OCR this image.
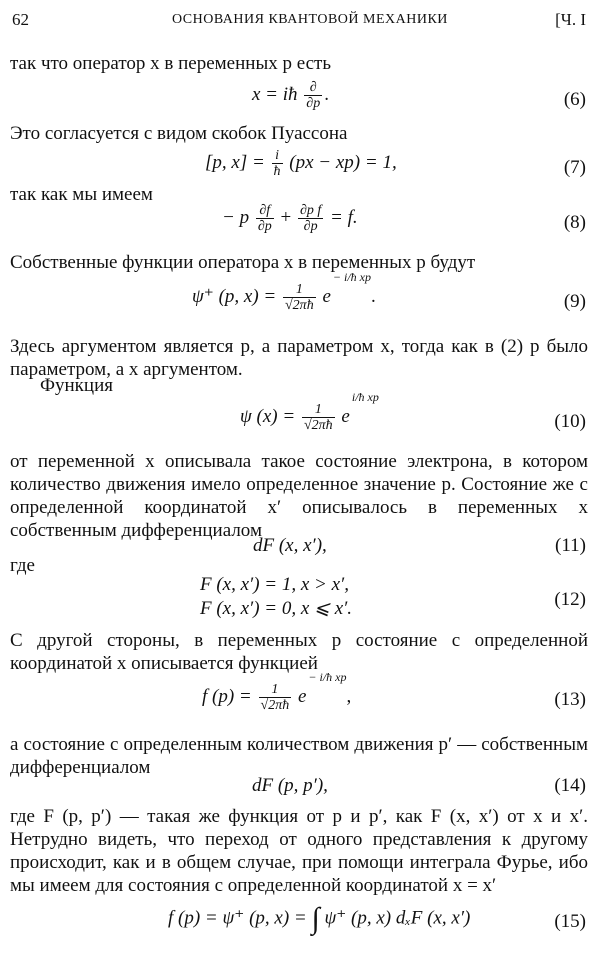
62	ОСНОВАНИЯ КВАНТОВОЙ МЕХАНИКИ	[Ч. I
так что оператор x в переменных p есть
x = iħ $\frac{\partial}{\partial p}$ .	(6)
Это согласуется с видом скобок Пуассона
[p, $x] = \frac{i}{ħ} (px - xp) = 1$,	(7)
так как мы имеем
− p $\frac{\partial f}{\partial p} + \frac{\text{∂p f}}{\partial p} = f$.	(8)
Собственные функции оператора x в переменных p будут
ψ⁺ (p, $x) = \frac{1}{√2\pi ħ} e-$ i/ħ xp.	(9)
Здесь аргументом является p, а параметром x, тогда как в (2) p было параметром, а x аргументом.
Функция
ψ $(x) = \frac{1}{√2\pi ħ}$ ei/ħ xp
(10)
от переменной x описывала такое состояние электрона, в котором количество движения имело определенное значение p. Состояние же с определенной координатой x′ описывалось в переменных x собственным дифференциалом
dF (x, x′),	(11)
где
F (x, x′) = 1, x > x′,
F (x, x′) = 0, x ⩽ x′.	(12)
С другой стороны, в переменных p состояние с определенной координатой x описывается функцией
f $(p) = \frac{1}{√2\pi ħ} e-$ i/ħ xp,	(13)
а состояние с определенным количеством движения p′ — собственным дифференциалом
dF (p, p′),	(14)
где F (p, p′) — такая же функция от p и p′, как F (x, x′) от x и x′. Нетрудно видеть, что переход от одного представления к другому происходит, как и в общем случае, при помощи интеграла Фурье, ибо мы имеем для состояния с определенной координатой x = x′
f (p) = ψ⁺ (p, x) = ∫ ψ⁺ (p, x) dₓF (x, x′)	(15)
